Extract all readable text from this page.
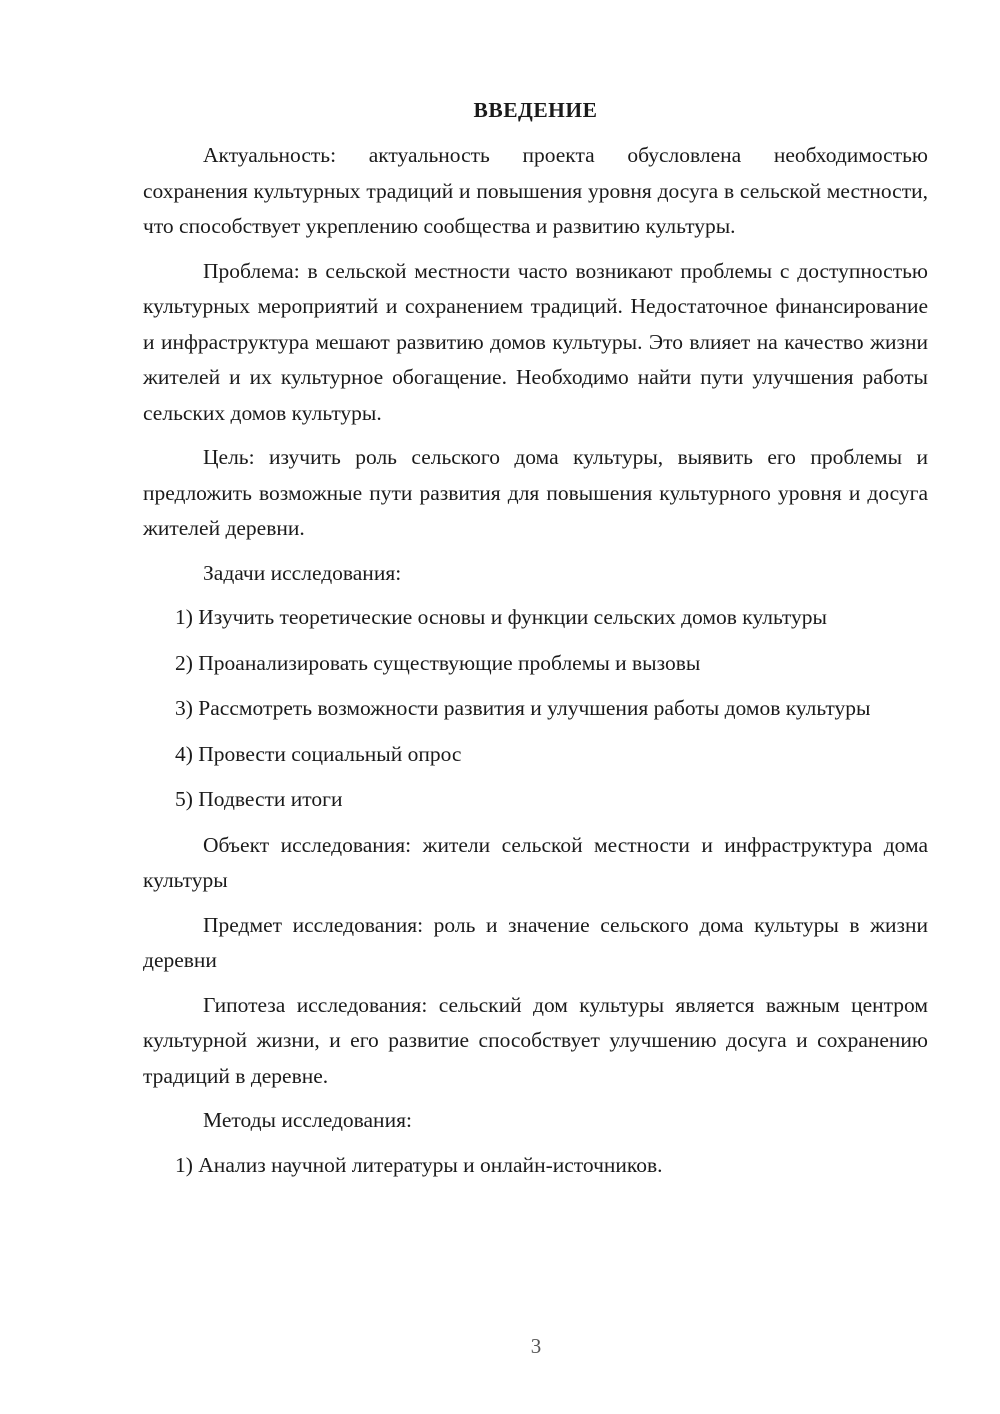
ВВЕДЕНИЕ

Актуальность: актуальность проекта обусловлена необходимостью сохранения культурных традиций и повышения уровня досуга в сельской местности, что способствует укреплению сообщества и развитию культуры.

Проблема: в сельской местности часто возникают проблемы с доступностью культурных мероприятий и сохранением традиций. Недостаточное финансирование и инфраструктура мешают развитию домов культуры. Это влияет на качество жизни жителей и их культурное обогащение. Необходимо найти пути улучшения работы сельских домов культуры.

Цель: изучить роль сельского дома культуры, выявить его проблемы и предложить возможные пути развития для повышения культурного уровня и досуга жителей деревни.

Задачи исследования:

1) Изучить теоретические основы и функции сельских домов культуры

2) Проанализировать существующие проблемы и вызовы

3) Рассмотреть возможности развития и улучшения работы домов культуры

4) Провести социальный опрос

5) Подвести итоги

Объект исследования: жители сельской местности и инфраструктура дома культуры

Предмет исследования: роль и значение сельского дома культуры в жизни деревни

Гипотеза исследования: сельский дом культуры является важным центром культурной жизни, и его развитие способствует улучшению досуга и сохранению традиций в деревне.

Методы исследования:

1) Анализ научной литературы и онлайн-источников.

3
